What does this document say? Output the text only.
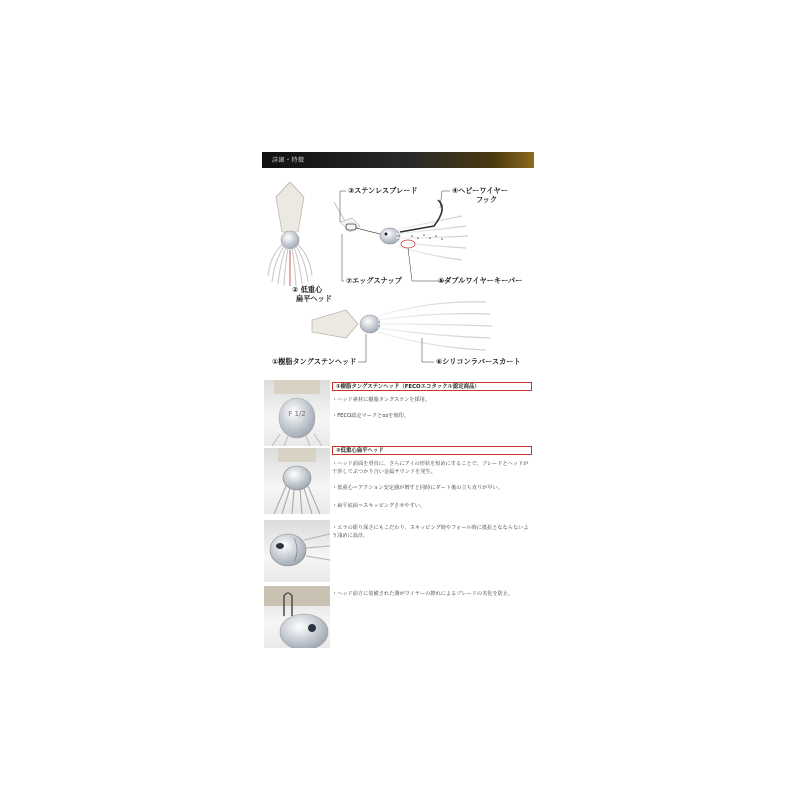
詳細・特徴
③ステンレスブレード	④ヘビーワイヤー
フック
⑦エッグスナップ	⑤ダブルワイヤーキーパー
② 低重心
扁平ヘッド
①樹脂タングステンヘッド	⑥シリコンラバースカート
F 1/2
①樹脂タングステンヘッド（FECOエコタックル認定商品）
・ヘッド素材に樹脂タングステンを採用。
・FECO認定マークとozを刻印。
②低重心扁平ヘッド
・ヘッド前面を垂直に、さらにアイの形状を短めにすることで、ブレードとヘッドが干渉してぶつかり合い金属サウンドを発生。
・低重心＝アクション安定感が増すと同時にダート後の立ち直りが早い。
・扁平底面＝スキッピングさせやすい。
・エラの彫り深さにもこだわり、スキッピング時やフォール時に抵抗となならないよう浅めに設計。
・ヘッド前方に装備された溝がワイヤーの擦れによるブレードの劣化を防止。
